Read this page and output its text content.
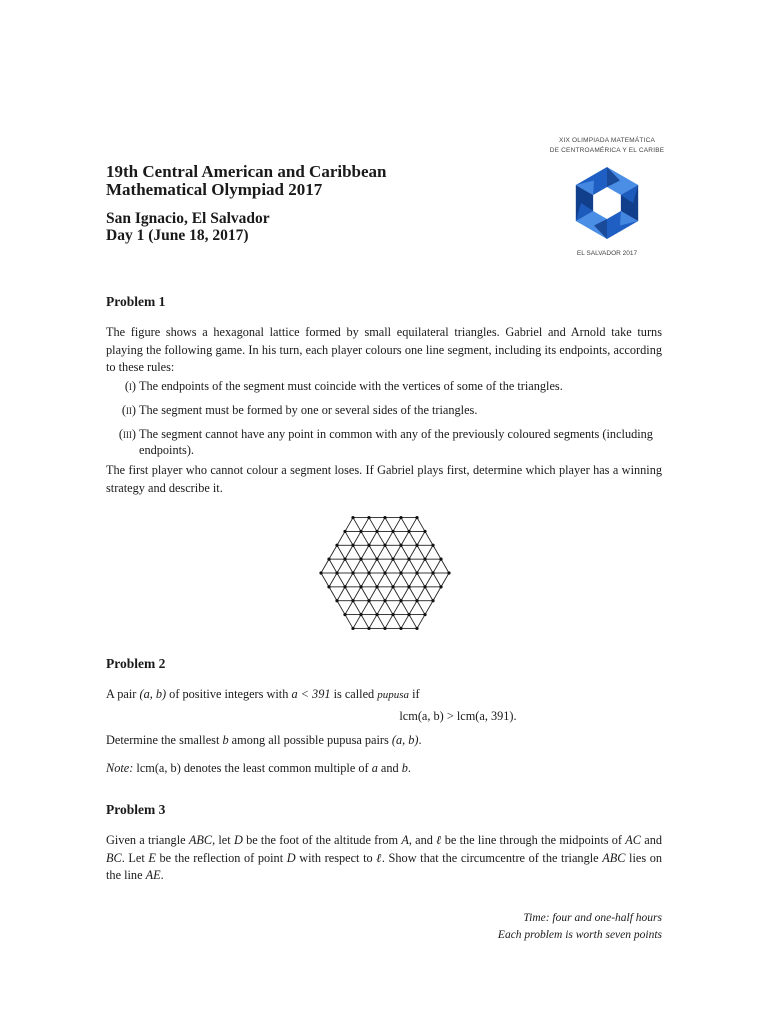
XIX OLIMPIADA MATEMÁTICA
DE CENTROAMÉRICA Y EL CARIBE
EL SALVADOR 2017
19th Central American and Caribbean
Mathematical Olympiad 2017
San Ignacio, El Salvador
Day 1 (June 18, 2017)
Problem 1
The figure shows a hexagonal lattice formed by small equilateral triangles. Gabriel and Arnold take turns playing the following game. In his turn, each player colours one line segment, including its endpoints, according to these rules:
(i) The endpoints of the segment must coincide with the vertices of some of the triangles.
(ii) The segment must be formed by one or several sides of the triangles.
(iii) The segment cannot have any point in common with any of the previously coloured segments (including endpoints).
The first player who cannot colour a segment loses. If Gabriel plays first, determine which player has a winning strategy and describe it.
Problem 2
A pair (a, b) of positive integers with a < 391 is called pupusa if
lcm(a, b) > lcm(a, 391).
Determine the smallest b among all possible pupusa pairs (a, b).
Note: lcm(a, b) denotes the least common multiple of a and b.
Problem 3
Given a triangle ABC, let D be the foot of the altitude from A, and ℓ be the line through the midpoints of AC and BC. Let E be the reflection of point D with respect to ℓ. Show that the circumcentre of the triangle ABC lies on the line AE.
Time: four and one-half hours
Each problem is worth seven points
